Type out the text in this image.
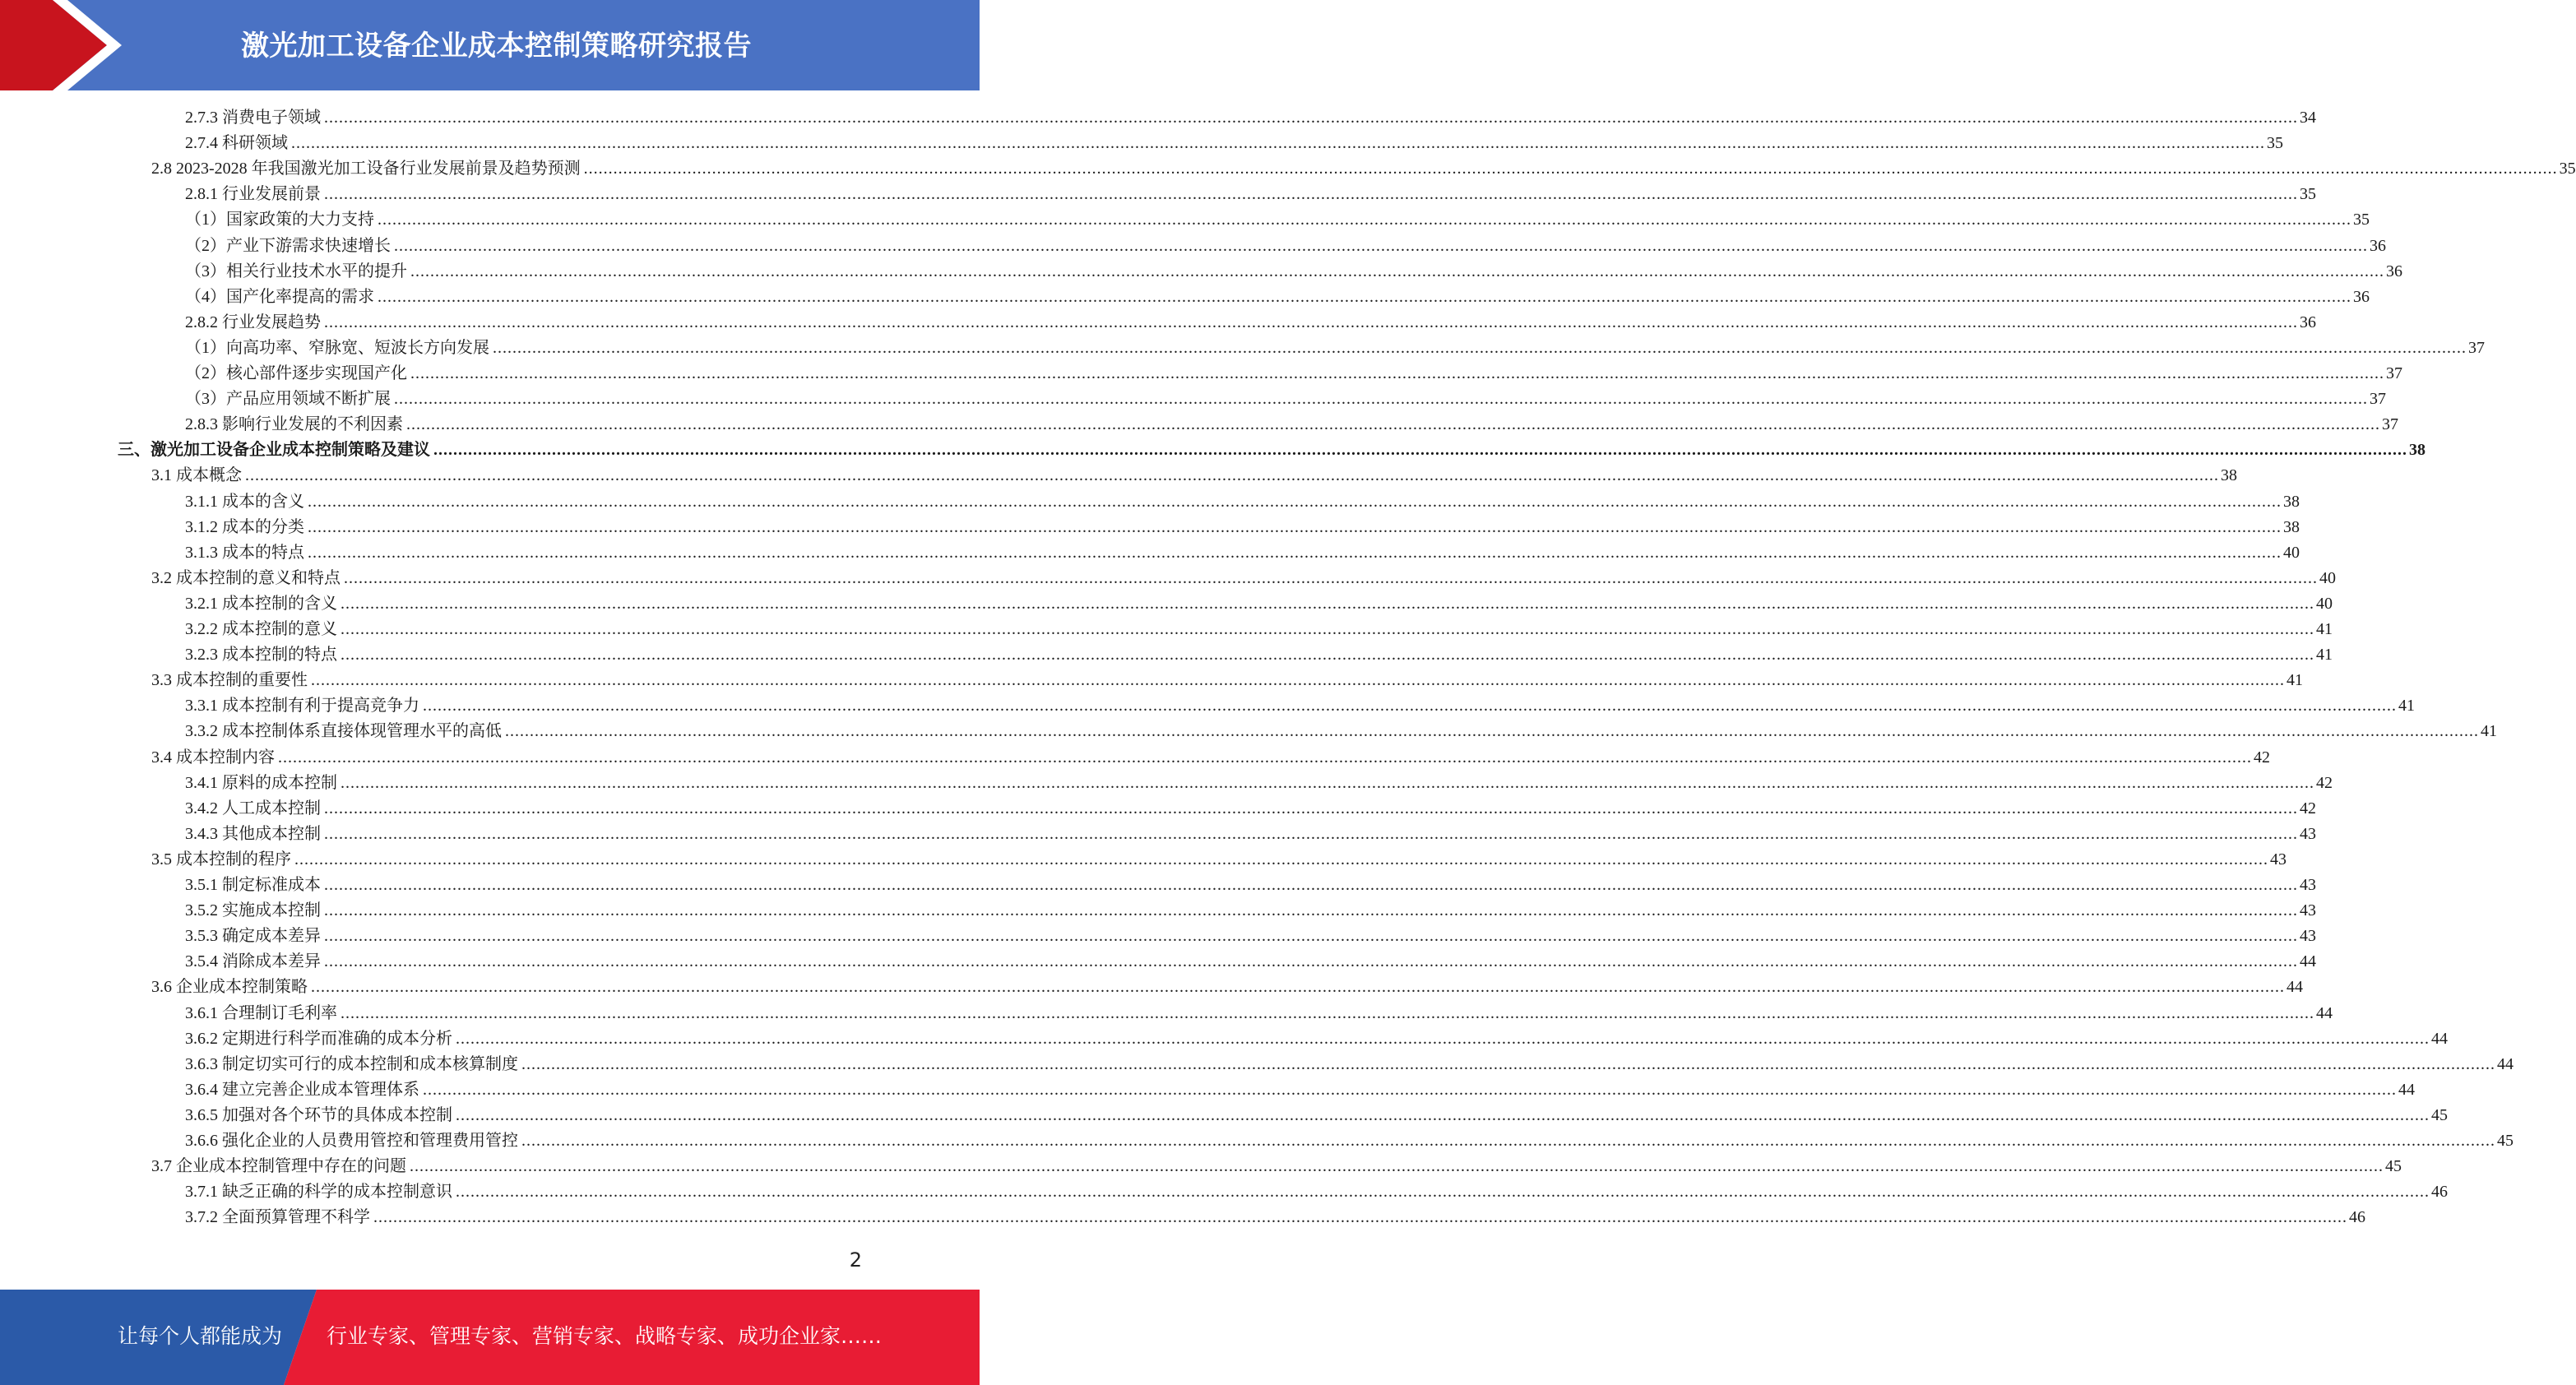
激光加工设备企业成本控制策略研究报告
2.7.3 消费电子领域 ................................................................................................................................................................................................................................................................................................................................................................................................................ 34
2.7.4 科研领域 ................................................................................................................................................................................................................................................................................................................................................................................................................ 35
2.8 2023-2028 年我国激光加工设备行业发展前景及趋势预测 ................................................................................................................................................................................................................................................................................................................................................................................................................ 35
2.8.1 行业发展前景 ................................................................................................................................................................................................................................................................................................................................................................................................................ 35
（1）国家政策的大力支持 ................................................................................................................................................................................................................................................................................................................................................................................................................ 35
（2）产业下游需求快速增长 ................................................................................................................................................................................................................................................................................................................................................................................................................ 36
（3）相关行业技术水平的提升 ................................................................................................................................................................................................................................................................................................................................................................................................................ 36
（4）国产化率提高的需求 ................................................................................................................................................................................................................................................................................................................................................................................................................ 36
2.8.2 行业发展趋势 ................................................................................................................................................................................................................................................................................................................................................................................................................ 36
（1）向高功率、窄脉宽、短波长方向发展 ................................................................................................................................................................................................................................................................................................................................................................................................................ 37
（2）核心部件逐步实现国产化 ................................................................................................................................................................................................................................................................................................................................................................................................................ 37
（3）产品应用领域不断扩展 ................................................................................................................................................................................................................................................................................................................................................................................................................ 37
2.8.3 影响行业发展的不利因素 ................................................................................................................................................................................................................................................................................................................................................................................................................ 37
三、激光加工设备企业成本控制策略及建议 ................................................................................................................................................................................................................................................................................................................................................................................................................ 38
3.1 成本概念 ................................................................................................................................................................................................................................................................................................................................................................................................................ 38
3.1.1 成本的含义 ................................................................................................................................................................................................................................................................................................................................................................................................................ 38
3.1.2 成本的分类 ................................................................................................................................................................................................................................................................................................................................................................................................................ 38
3.1.3 成本的特点 ................................................................................................................................................................................................................................................................................................................................................................................................................ 40
3.2 成本控制的意义和特点 ................................................................................................................................................................................................................................................................................................................................................................................................................ 40
3.2.1 成本控制的含义 ................................................................................................................................................................................................................................................................................................................................................................................................................ 40
3.2.2 成本控制的意义 ................................................................................................................................................................................................................................................................................................................................................................................................................ 41
3.2.3 成本控制的特点 ................................................................................................................................................................................................................................................................................................................................................................................................................ 41
3.3 成本控制的重要性 ................................................................................................................................................................................................................................................................................................................................................................................................................ 41
3.3.1 成本控制有利于提高竞争力 ................................................................................................................................................................................................................................................................................................................................................................................................................ 41
3.3.2 成本控制体系直接体现管理水平的高低 ................................................................................................................................................................................................................................................................................................................................................................................................................ 41
3.4 成本控制内容 ................................................................................................................................................................................................................................................................................................................................................................................................................ 42
3.4.1 原料的成本控制 ................................................................................................................................................................................................................................................................................................................................................................................................................ 42
3.4.2 人工成本控制 ................................................................................................................................................................................................................................................................................................................................................................................................................ 42
3.4.3 其他成本控制 ................................................................................................................................................................................................................................................................................................................................................................................................................ 43
3.5 成本控制的程序 ................................................................................................................................................................................................................................................................................................................................................................................................................ 43
3.5.1 制定标准成本 ................................................................................................................................................................................................................................................................................................................................................................................................................ 43
3.5.2 实施成本控制 ................................................................................................................................................................................................................................................................................................................................................................................................................ 43
3.5.3 确定成本差异 ................................................................................................................................................................................................................................................................................................................................................................................................................ 43
3.5.4 消除成本差异 ................................................................................................................................................................................................................................................................................................................................................................................................................ 44
3.6 企业成本控制策略 ................................................................................................................................................................................................................................................................................................................................................................................................................ 44
3.6.1 合理制订毛利率 ................................................................................................................................................................................................................................................................................................................................................................................................................ 44
3.6.2 定期进行科学而准确的成本分析 ................................................................................................................................................................................................................................................................................................................................................................................................................ 44
3.6.3 制定切实可行的成本控制和成本核算制度 ................................................................................................................................................................................................................................................................................................................................................................................................................ 44
3.6.4 建立完善企业成本管理体系 ................................................................................................................................................................................................................................................................................................................................................................................................................ 44
3.6.5 加强对各个环节的具体成本控制 ................................................................................................................................................................................................................................................................................................................................................................................................................ 45
3.6.6 强化企业的人员费用管控和管理费用管控 ................................................................................................................................................................................................................................................................................................................................................................................................................ 45
3.7 企业成本控制管理中存在的问题 ................................................................................................................................................................................................................................................................................................................................................................................................................ 45
3.7.1 缺乏正确的科学的成本控制意识 ................................................................................................................................................................................................................................................................................................................................................................................................................ 46
3.7.2 全面预算管理不科学 ................................................................................................................................................................................................................................................................................................................................................................................................................ 46
2
让每个人都能成为 行业专家、管理专家、营销专家、战略专家、成功企业家……
